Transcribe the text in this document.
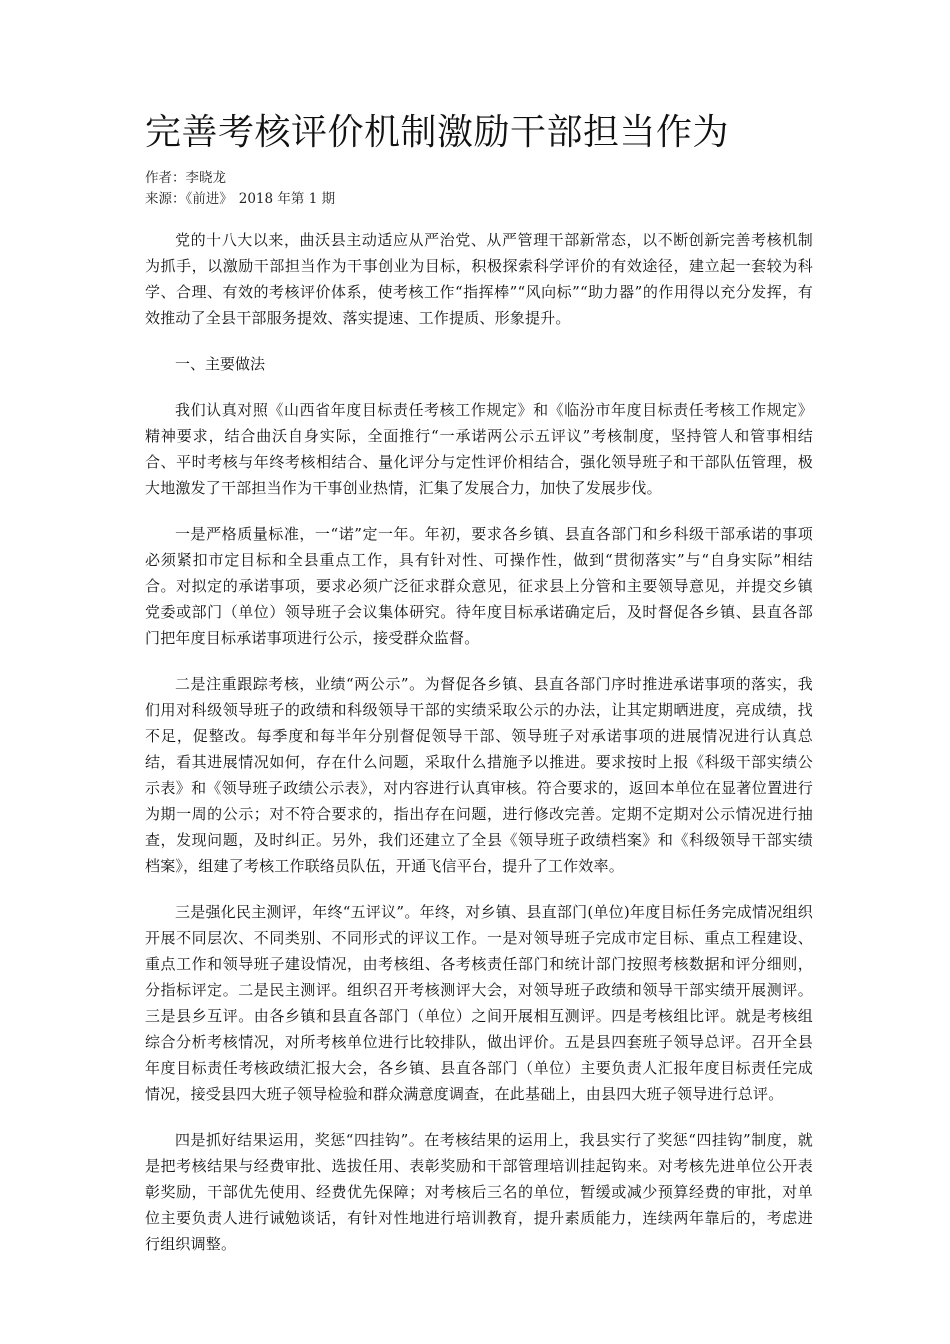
完善考核评价机制激励干部担当作为
作者：李晓龙
来源：《前进》 2018 年第 1 期

党的十八大以来，曲沃县主动适应从严治党、从严管理干部新常态，以不断创新完善考核机制为抓手，以激励干部担当作为干事创业为目标，积极探索科学评价的有效途径，建立起一套较为科学、合理、有效的考核评价体系，使考核工作“指挥棒”“风向标”“助力器”的作用得以充分发挥，有效推动了全县干部服务提效、落实提速、工作提质、形象提升。

一、主要做法

我们认真对照《山西省年度目标责任考核工作规定》和《临汾市年度目标责任考核工作规定》精神要求，结合曲沃自身实际，全面推行“一承诺两公示五评议”考核制度，坚持管人和管事相结合、平时考核与年终考核相结合、量化评分与定性评价相结合，强化领导班子和干部队伍管理，极大地激发了干部担当作为干事创业热情，汇集了发展合力，加快了发展步伐。

一是严格质量标准，一“诺”定一年。年初，要求各乡镇、县直各部门和乡科级干部承诺的事项必须紧扣市定目标和全县重点工作，具有针对性、可操作性，做到“贯彻落实”与“自身实际”相结合。对拟定的承诺事项，要求必须广泛征求群众意见，征求县上分管和主要领导意见，并提交乡镇党委或部门（单位）领导班子会议集体研究。待年度目标承诺确定后，及时督促各乡镇、县直各部门把年度目标承诺事项进行公示，接受群众监督。

二是注重跟踪考核，业绩“两公示”。为督促各乡镇、县直各部门序时推进承诺事项的落实，我们用对科级领导班子的政绩和科级领导干部的实绩采取公示的办法，让其定期晒进度，亮成绩，找不足，促整改。每季度和每半年分别督促领导干部、领导班子对承诺事项的进展情况进行认真总结，看其进展情况如何，存在什么问题，采取什么措施予以推进。要求按时上报《科级干部实绩公示表》和《领导班子政绩公示表》，对内容进行认真审核。符合要求的，返回本单位在显著位置进行为期一周的公示；对不符合要求的，指出存在问题，进行修改完善。定期不定期对公示情况进行抽查，发现问题，及时纠正。另外，我们还建立了全县《领导班子政绩档案》和《科级领导干部实绩档案》，组建了考核工作联络员队伍，开通飞信平台，提升了工作效率。

三是强化民主测评，年终“五评议”。年终，对乡镇、县直部门(单位)年度目标任务完成情况组织开展不同层次、不同类别、不同形式的评议工作。一是对领导班子完成市定目标、重点工程建设、重点工作和领导班子建设情况，由考核组、各考核责任部门和统计部门按照考核数据和评分细则，分指标评定。二是民主测评。组织召开考核测评大会，对领导班子政绩和领导干部实绩开展测评。三是县乡互评。由各乡镇和县直各部门（单位）之间开展相互测评。四是考核组比评。就是考核组综合分析考核情况，对所考核单位进行比较排队，做出评价。五是县四套班子领导总评。召开全县年度目标责任考核政绩汇报大会，各乡镇、县直各部门（单位）主要负责人汇报年度目标责任完成情况，接受县四大班子领导检验和群众满意度调查，在此基础上，由县四大班子领导进行总评。

四是抓好结果运用，奖惩“四挂钩”。在考核结果的运用上，我县实行了奖惩“四挂钩”制度，就是把考核结果与经费审批、选拔任用、表彰奖励和干部管理培训挂起钩来。对考核先进单位公开表彰奖励，干部优先使用、经费优先保障；对考核后三名的单位，暂缓或减少预算经费的审批，对单位主要负责人进行诫勉谈话，有针对性地进行培训教育，提升素质能力，连续两年靠后的，考虑进行组织调整。
